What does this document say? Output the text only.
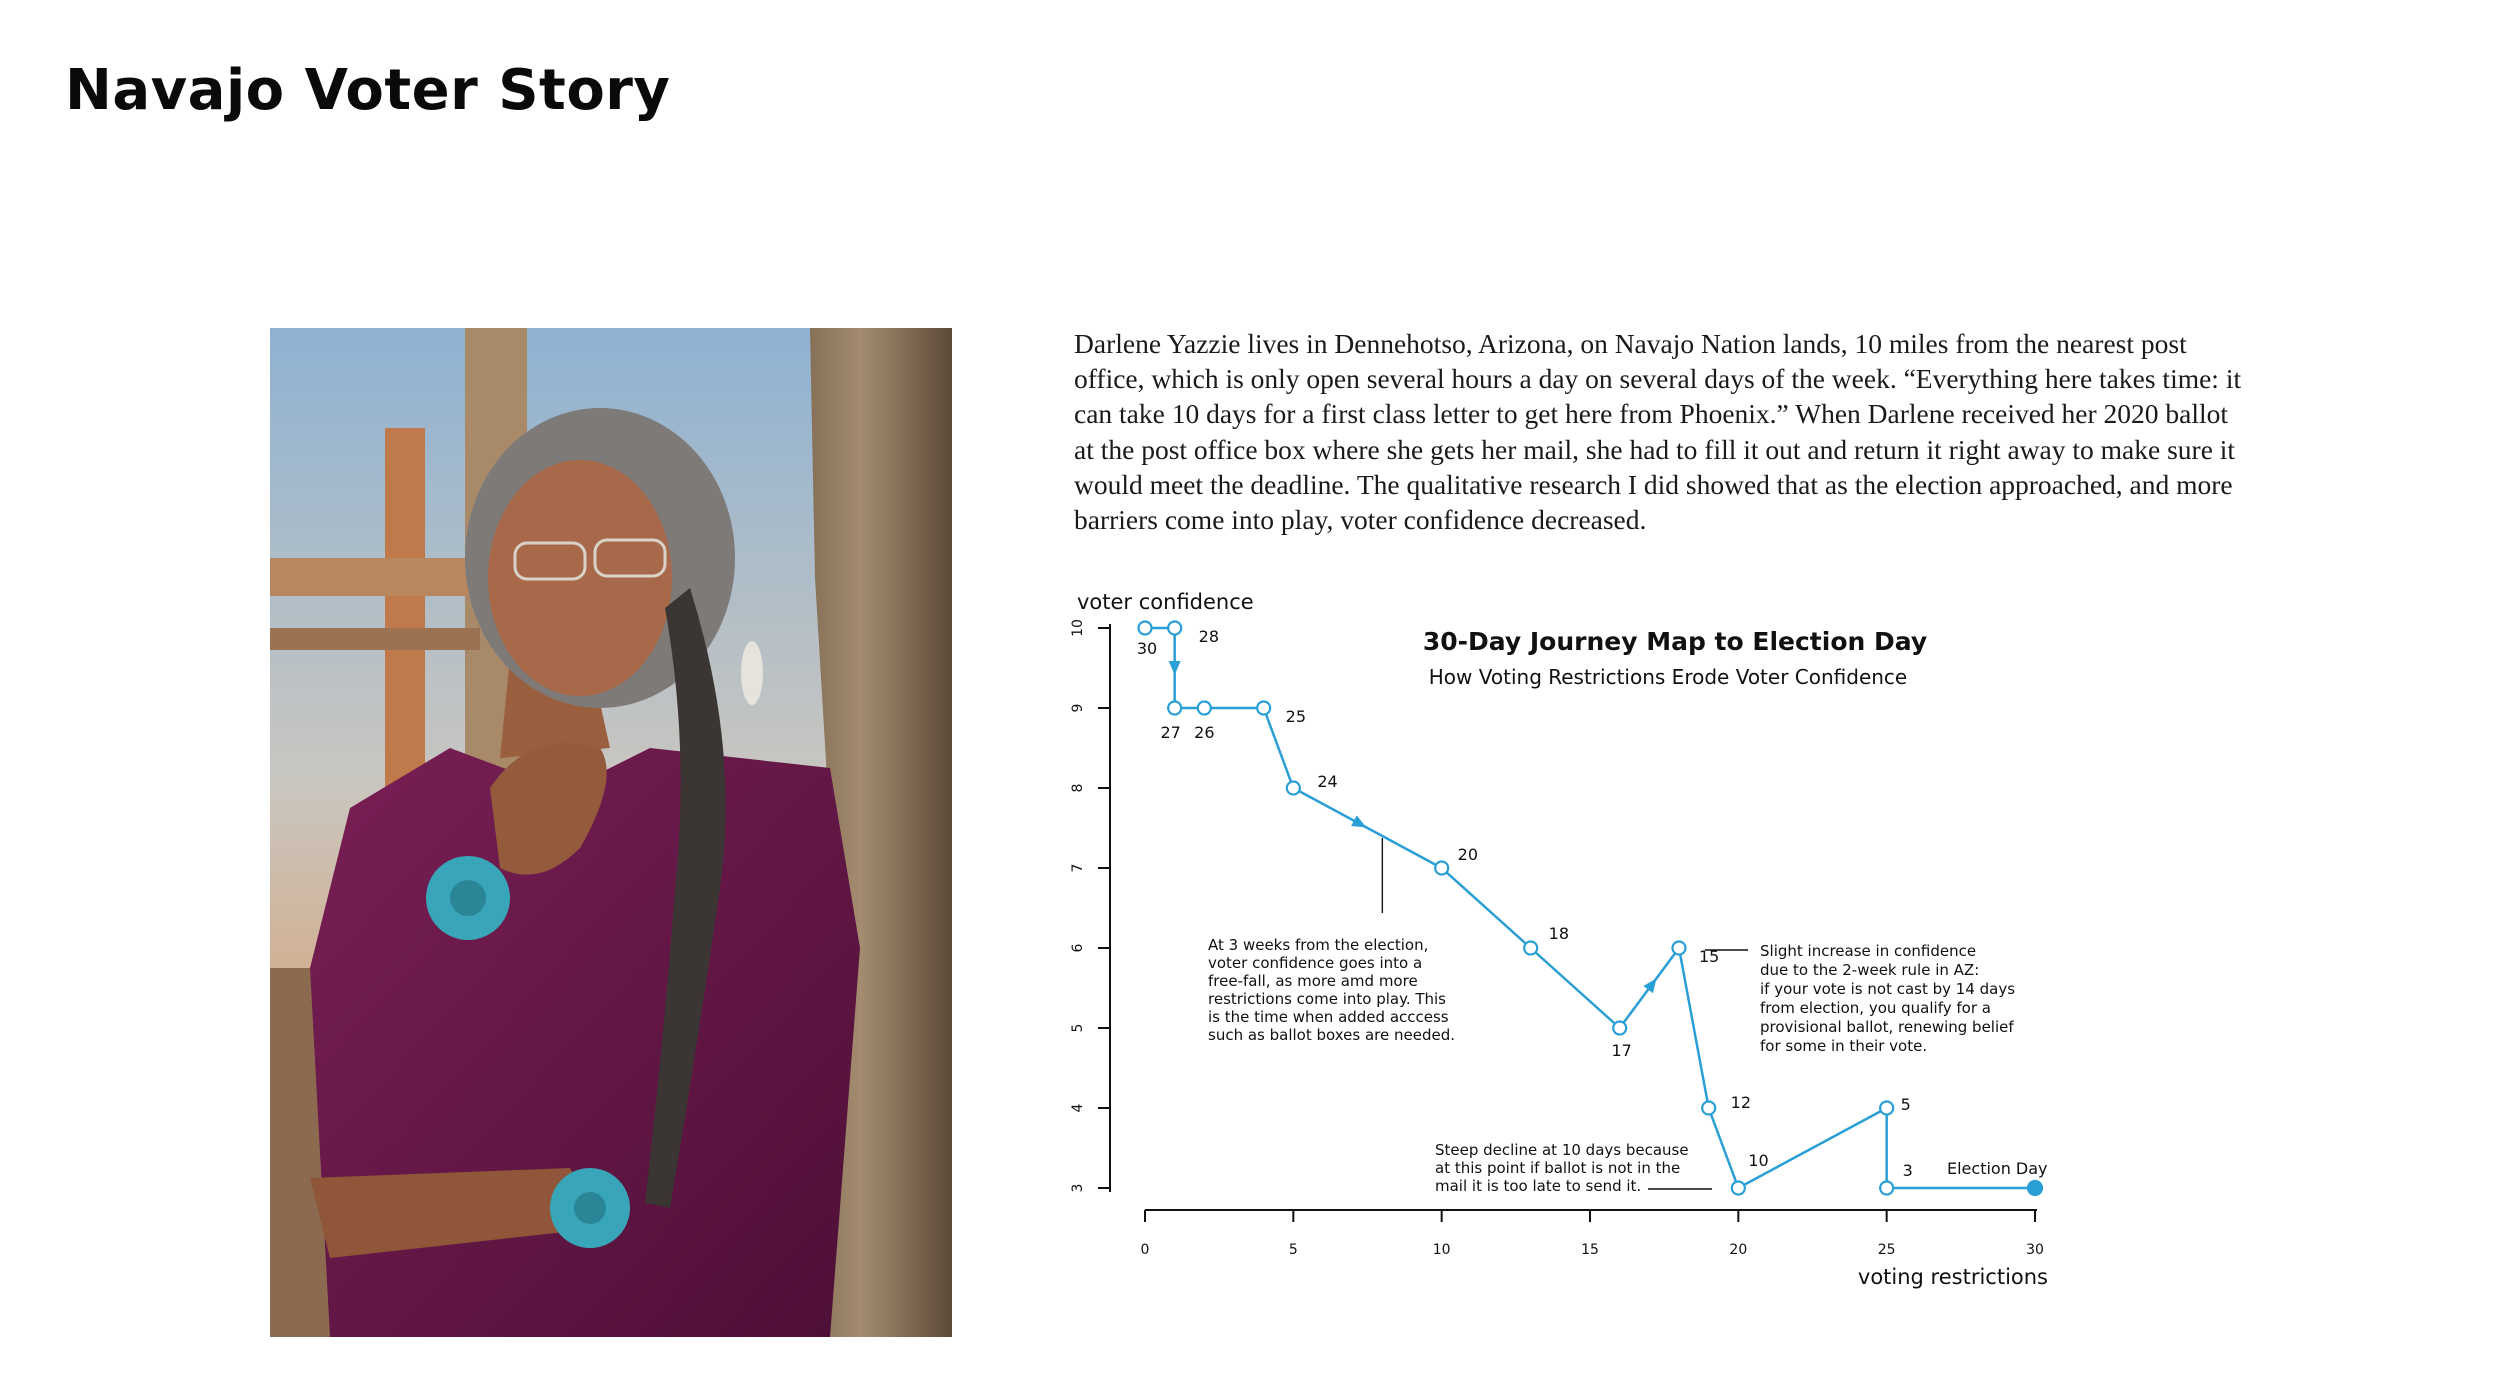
Navajo Voter Story
Darlene Yazzie lives in Dennehotso, Arizona, on Navajo Nation lands, 10 miles from the nearest post office, which is only open several hours a day on several days of the week. “Everything here takes time: it can take 10 days for a first class letter to get here from Phoenix.” When Darlene received her 2020 ballot at the post office box where she gets her mail, she had to fill it out and return it right away to make sure it would meet the deadline. The qualitative research I did showed that as the election approached, and more barriers come into play, voter confidence decreased.
3
4
5
6
7
8
9
10
voter confidence
0	5	10	15	20	25	30
voting restrictions
30-Day Journey Map to Election Day
How Voting Restrictions Erode Voter Confidence
30
28
27 26
25
24
20
18
17
15
12
10
5
3 Election Day
At 3 weeks from the election,
voter confidence goes into a
free-fall, as more amd more
restrictions come into play. This
is the time when added acccess
such as ballot boxes are needed.
Slight increase in confidence
due to the 2-week rule in AZ:
if your vote is not cast by 14 days
from election, you qualify for a
provisional ballot, renewing belief
for some in their vote.
Steep decline at 10 days because
at this point if ballot is not in the
mail it is too late to send it.
